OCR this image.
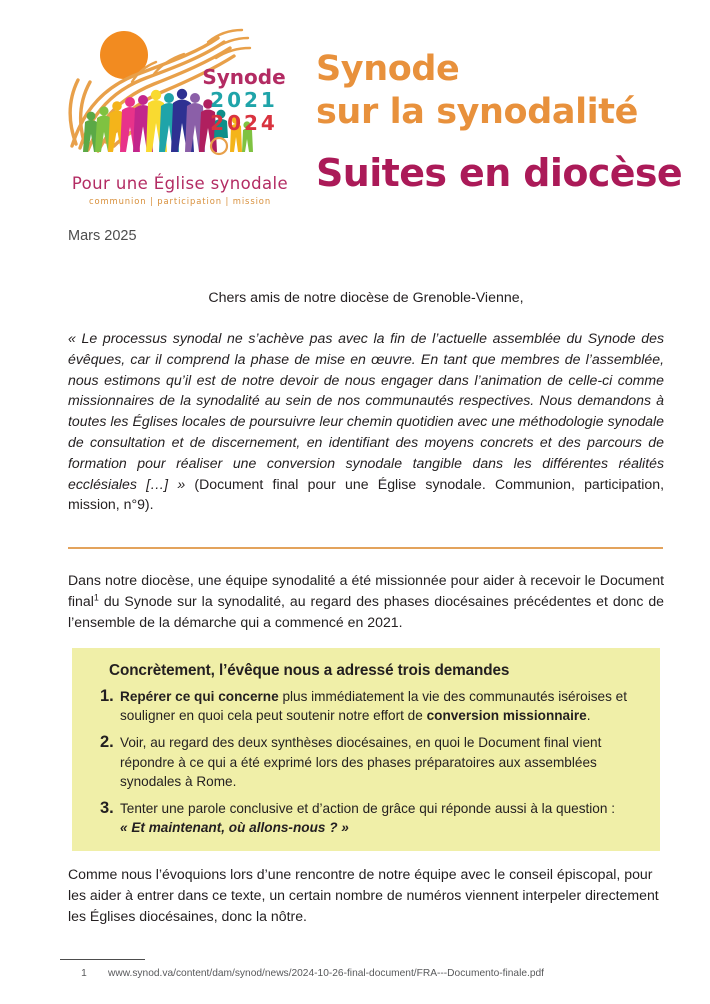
Synode
2021
2024
Pour une Église synodale
communion | participation | mission
Synode
sur la synodalité
Suites en diocèse
Mars 2025
Chers amis de notre diocèse de Grenoble-Vienne,
« Le processus synodal ne s’achève pas avec la fin de l’actuelle assemblée du Synode des évêques, car il comprend la phase de mise en œuvre. En tant que membres de l’assemblée, nous estimons qu’il est de notre devoir de nous engager dans l’animation de celle-ci comme missionnaires de la synodalité au sein de nos communautés respectives. Nous demandons à toutes les Églises locales de poursuivre leur chemin quotidien avec une méthodologie synodale de consultation et de discernement, en identifiant des moyens concrets et des parcours de formation pour réaliser une conversion synodale tangible dans les différentes réalités ecclésiales […] » (Document final pour une Église synodale. Communion, participation, mission, n°9).
Dans notre diocèse, une équipe synodalité a été missionnée pour aider à recevoir le Document final$^1$ du Synode sur la synodalité, au regard des phases diocésaines précédentes et donc de l’ensemble de la démarche qui a commencé en 2021.
Concrètement, l’évêque nous a adressé trois demandes
1. Repérer ce qui concerne plus immédiatement la vie des communautés iséroises et souligner en quoi cela peut soutenir notre effort de conversion missionnaire.
2. Voir, au regard des deux synthèses diocésaines, en quoi le Document final vient répondre à ce qui a été exprimé lors des phases préparatoires aux assemblées synodales à Rome.
3. Tenter une parole conclusive et d’action de grâce qui réponde aussi à la question :
« Et maintenant, où allons-nous ? »
Comme nous l’évoquions lors d’une rencontre de notre équipe avec le conseil épiscopal, pour les aider à entrer dans ce texte, un certain nombre de numéros viennent interpeler directement les Églises diocésaines, donc la nôtre.
1	www.synod.va/content/dam/synod/news/2024-10-26-final-document/FRA---Documento-finale.pdf
